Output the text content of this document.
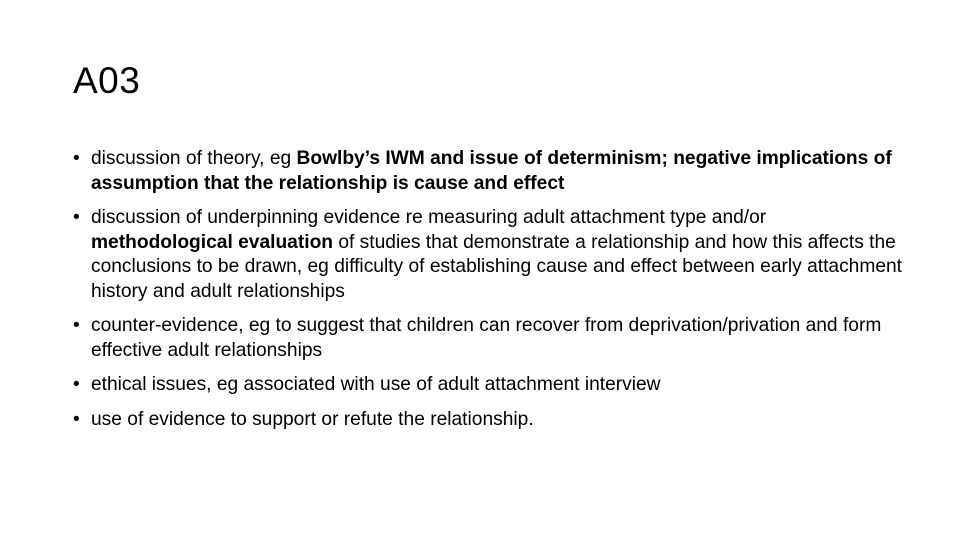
A03
• discussion of theory, eg Bowlby’s IWM and issue of determinism; negative implications of assumption that the relationship is cause and effect
• discussion of underpinning evidence re measuring adult attachment type and/or methodological evaluation of studies that demonstrate a relationship and how this affects the conclusions to be drawn, eg difficulty of establishing cause and effect between early attachment history and adult relationships
• counter-evidence, eg to suggest that children can recover from deprivation/privation and form effective adult relationships
• ethical issues, eg associated with use of adult attachment interview
• use of evidence to support or refute the relationship.
